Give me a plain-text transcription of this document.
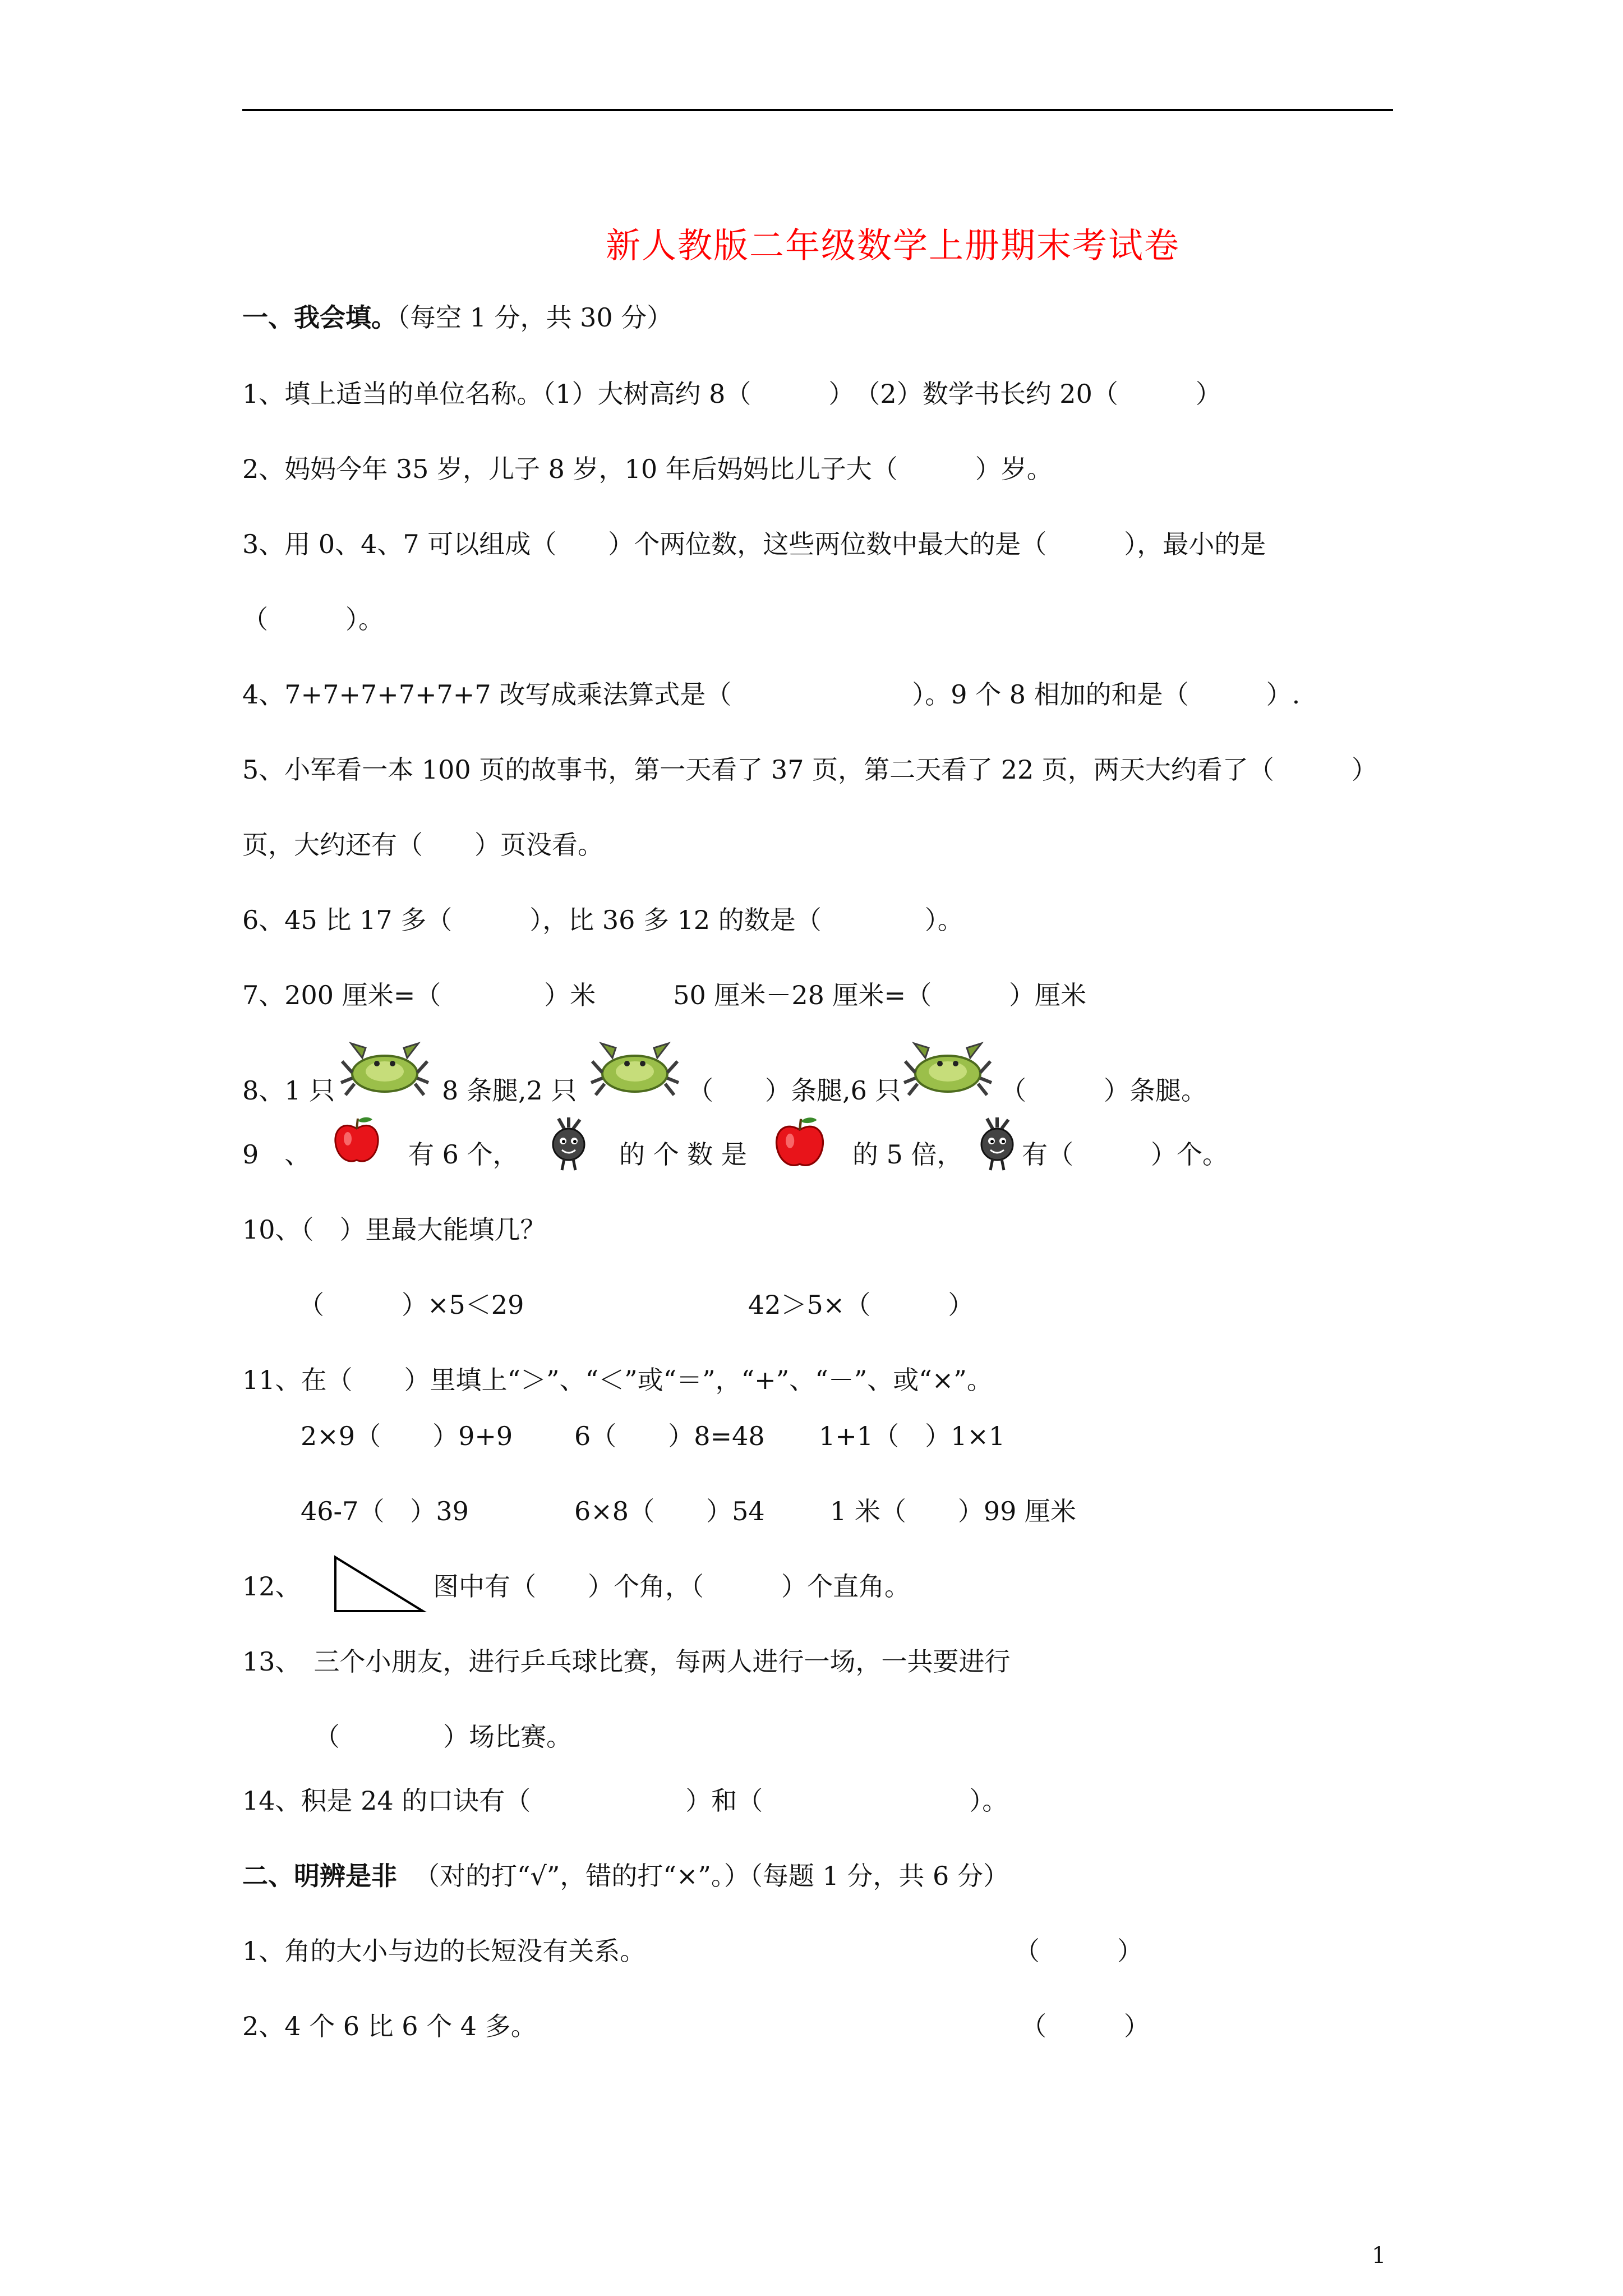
新人教版二年级数学上册期末考试卷
一、我会填。（每空 1 分，共 30 分）
1、填上适当的单位名称。（1）大树高约 8（　　　）　（2）数学书长约 20（　　　）
2、妈妈今年 35 岁，儿子 8 岁，10 年后妈妈比儿子大（　　　）岁。
3、用 0、4、7 可以组成（　　）个两位数，这些两位数中最大的是（　　　），最小的是
（　　　）。
4、7+7+7+7+7+7 改写成乘法算式是（　　　　　　　）。9 个 8 相加的和是（　　　）.
5、小军看一本 100 页的故事书，第一天看了 37 页，第二天看了 22 页，两天大约看了（　　　）
页，大约还有（　　）页没看。
6、45 比 17 多（　　　），比 36 多 12 的数是（　　　　）。
7、200 厘米=（　　　　）米　　　50 厘米－28 厘米=（　　　）厘米
8、1 只	8 条腿,2 只	（　　）条腿,6 只	（　　　）条腿。
9　、	有 6 个，	的 个 数 是	的 5 倍， 有（　　　）个。
10、（　）里最大能填几？
（　　　）×5＜29	42＞5×（　　　）
11、在（　　）里填上“＞”、“＜”或“＝”，“+”、“－”、或“×”。
2×9（　　）9+9 6（　　）8=48 1+1（　）1×1
46-7（　）39	6×8（　　）54	1 米（　　）99 厘米
12、	图中有（　　）个角，（　　　）个直角。
13、　三个小朋友，进行乒乓球比赛，每两人进行一场，一共要进行
（　　　　）场比赛。
14、积是 24 的口诀有（　　　　　　）和（　　　　　　　　）。
二、明辨是非 （对的打“√”，错的打“×”。）（每题 1 分，共 6 分）
1、角的大小与边的长短没有关系。	（　　　）
2、4 个 6 比 6 个 4 多。	（　　　）
1
